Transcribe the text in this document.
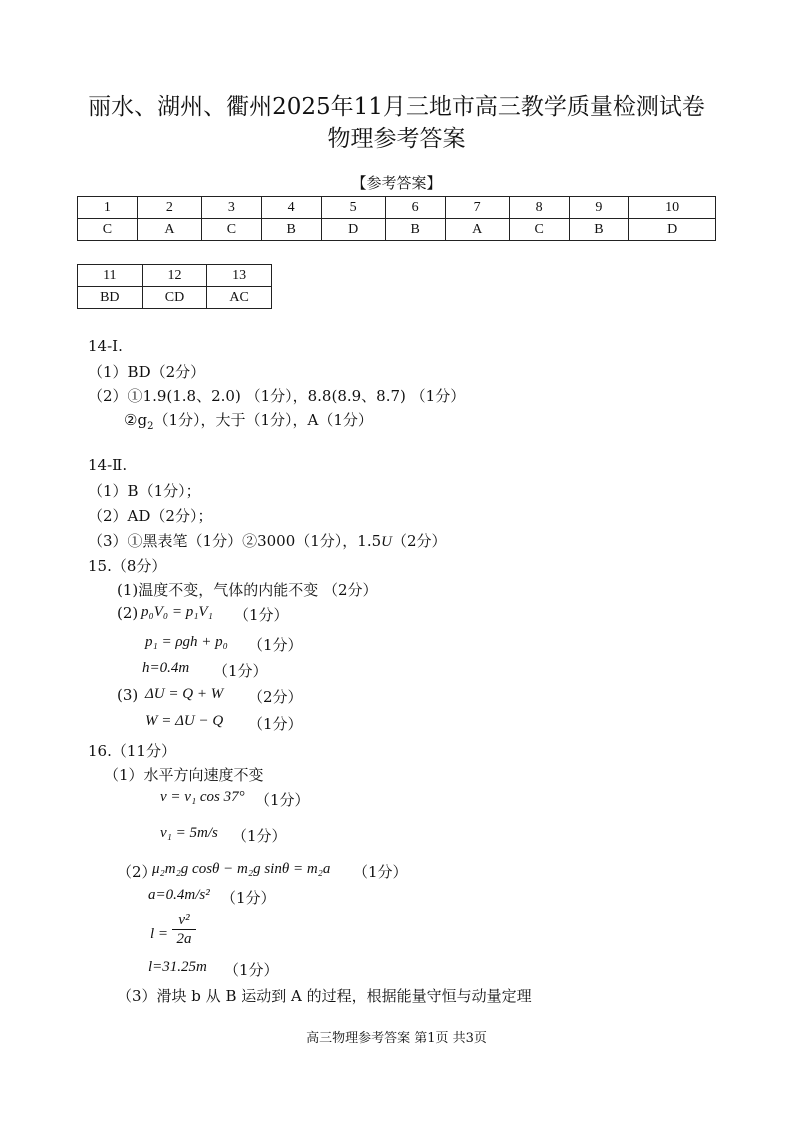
丽水、湖州、衢州2025年11月三地市高三教学质量检测试卷
物理参考答案
【参考答案】
1	2	3	4	5	6	7	8	9	10
C	A	C	B	D	B	A	C	B	D
11	12	13
BD	CD	AC
14-Ⅰ.
（1）BD（2分）
（2）①1.9(1.8、2.0) （1分），8.8(8.9、8.7) （1分）
$②g_2(1$分），大于（1分），A（1分）
14-Ⅱ.
（1）B（1分）；
（2）AD（2分）；
（3）①黑表笔（1分）②3000（1分），1.5U（2分）
15.（8分）
(1)温度不变，气体的内能不变 （2分）
(2) p₀V₀ = p₁V₁ （1分）
p₁ = ρgh + p₀ （1分）
h=0.4m （1分）
(3) ΔU = Q + W （2分）
W = ΔU − Q （1分）
16.（11分）
（1）水平方向速度不变
v = v₁ cos 37° （1分）
v₁ = 5m/s （1分）
（2）
μ₂m₂g cosθ − m₂g sinθ = m₂a （1分）
a=0.4m/s² （1分）
$l = \frac{\text{v²}}{2a}$
l=31.25m （1分）
（3）滑块 b 从 B 运动到 A 的过程，根据能量守恒与动量定理
高三物理参考答案 第1页 共3页
